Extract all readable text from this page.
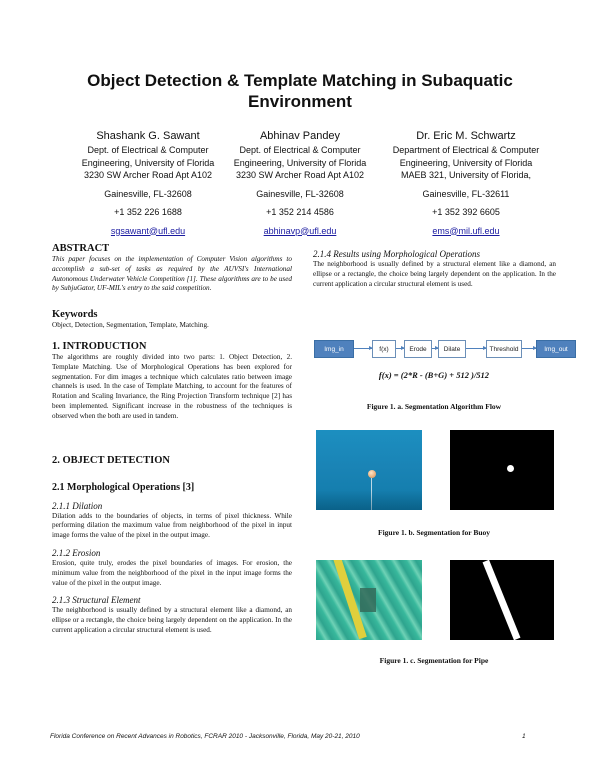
Object Detection & Template Matching in Subaquatic Environment
Shashank G. Sawant
Dept. of Electrical & Computer
Engineering, University of Florida
3230 SW Archer Road Apt A102
Gainesville, FL-32608
+1 352 226 1688
sgsawant@ufl.edu
Abhinav Pandey
Dept. of Electrical & Computer
Engineering, University of Florida
3230 SW Archer Road Apt A102
Gainesville, FL-32608
+1 352 214 4586
abhinavp@ufl.edu
Dr. Eric M. Schwartz
Department of Electrical & Computer
Engineering, University of Florida
MAEB 321, University of Florida,
Gainesville, FL-32611
+1 352 392 6605
ems@mil.ufl.edu
ABSTRACT

This paper focuses on the implementation of Computer Vision algorithms to accomplish a sub-set of tasks as required by the AUVSI's International Autonomous Underwater Vehicle Competition [1]. These algorithms are to be used by SubjuGator, UF-MIL's entry to the said competition.

Keywords

Object, Detection, Segmentation, Template, Matching.

1. INTRODUCTION

The algorithms are roughly divided into two parts: 1. Object Detection, 2. Template Matching. Use of Morphological Operations has been explored for segmentation. For dim images a technique which calculates ratio between image channels is used. In the case of Template Matching, to account for the features of Rotation and Scaling Invariance, the Ring Projection Transform technique [2] has been implemented. Significant increase in the robustness of the techniques is observed when the both are used in tandem.

2. OBJECT DETECTION
2.1 Morphological Operations [3]
2.1.1 Dilation

Dilation adds to the boundaries of objects, in terms of pixel thickness. While performing dilation the maximum value from neighborhood of the pixel in input image forms the value of the pixel in the output image.

2.1.2 Erosion

Erosion, quite truly, erodes the pixel boundaries of images. For erosion, the minimum value from the neighborhood of the pixel in the input image forms the value of the pixel in the output image.

2.1.3 Structural Element

The neighborhood is usually defined by a structural element like a diamond, an ellipse or a rectangle, the choice being largely dependent on the application. In the current application a circular structural element is used.

2.1.4 Results using Morphological Operations

The neighborhood is usually defined by a structural element like a diamond, an ellipse or a rectangle, the choice being largely dependent on the application. In the current application a circular structural element is used.

Img_in	f(x)	Erode	Dilate	Threshold	Img_out
f(x) = (2*R - (B+G) + 512 )/512
Figure 1. a. Segmentation Algorithm Flow
Figure 1. b. Segmentation for Buoy
Figure 1. c. Segmentation for Pipe
Florida Conference on Recent Advances in Robotics, FCRAR 2010 - Jacksonville, Florida, May 20-21, 2010	1
